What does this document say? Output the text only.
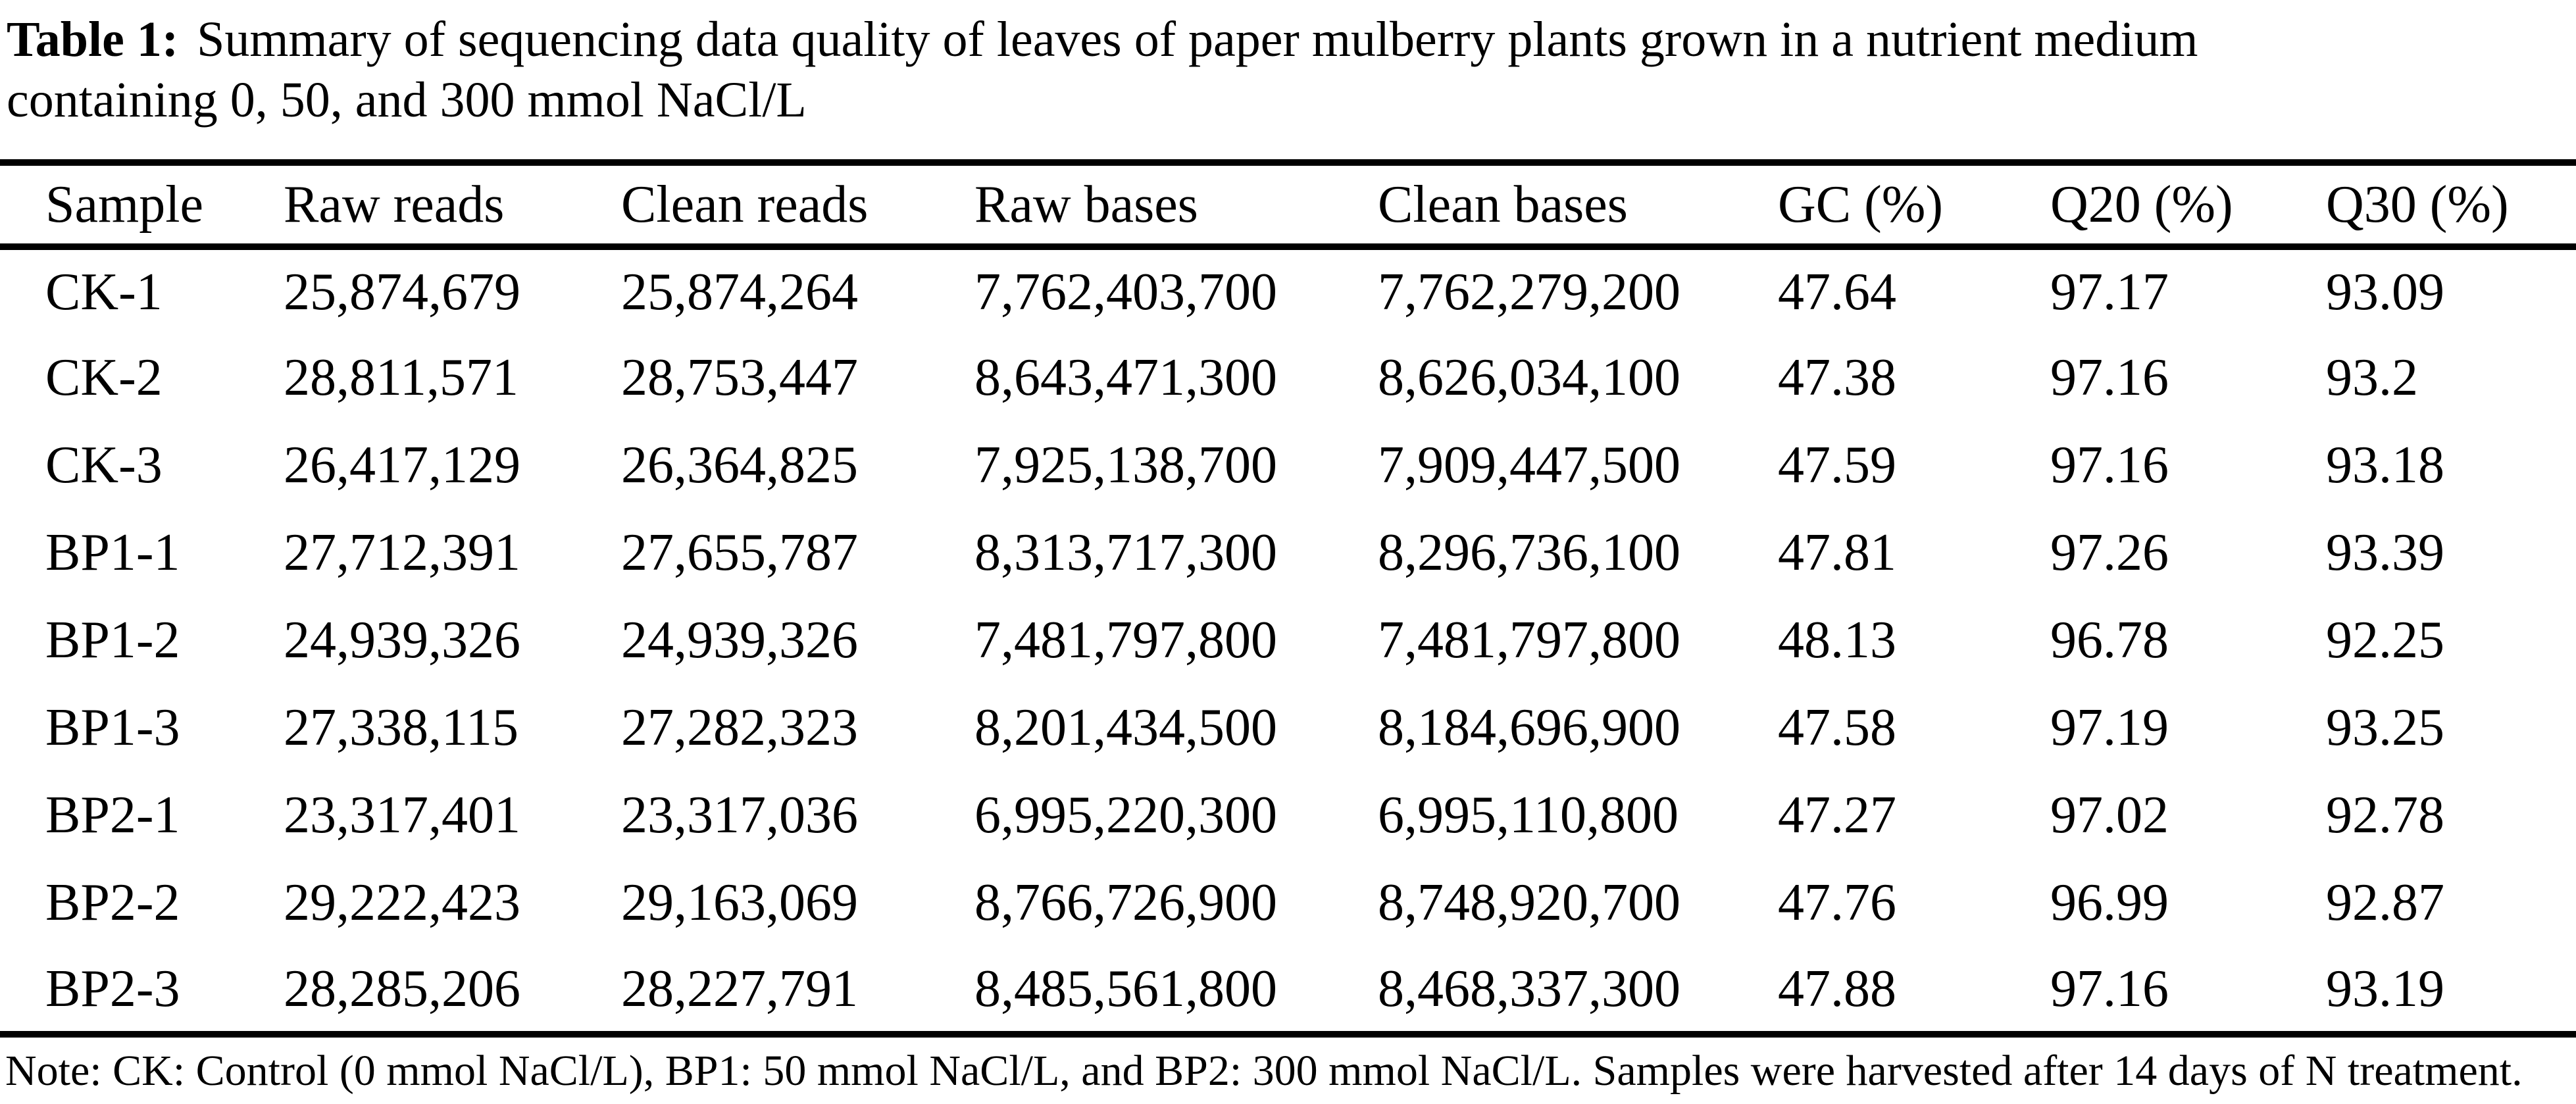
Table 1: Summary of sequencing data quality of leaves of paper mulberry plants grown in a nutrient medium
containing 0, 50, and 300 mmol NaCl/L
Sample	Raw reads	Clean reads	Raw bases	Clean bases	GC (%)	Q20 (%)	Q30 (%)
CK-1	25,874,679	25,874,264	7,762,403,700	7,762,279,200	47.64	97.17	93.09
CK-2	28,811,571	28,753,447	8,643,471,300	8,626,034,100	47.38	97.16	93.2
CK-3	26,417,129	26,364,825	7,925,138,700	7,909,447,500	47.59	97.16	93.18
BP1-1	27,712,391	27,655,787	8,313,717,300	8,296,736,100	47.81	97.26	93.39
BP1-2	24,939,326	24,939,326	7,481,797,800	7,481,797,800	48.13	96.78	92.25
BP1-3	27,338,115	27,282,323	8,201,434,500	8,184,696,900	47.58	97.19	93.25
BP2-1	23,317,401	23,317,036	6,995,220,300	6,995,110,800	47.27	97.02	92.78
BP2-2	29,222,423	29,163,069	8,766,726,900	8,748,920,700	47.76	96.99	92.87
BP2-3	28,285,206	28,227,791	8,485,561,800	8,468,337,300	47.88	97.16	93.19
Note: CK: Control (0 mmol NaCl/L), BP1: 50 mmol NaCl/L, and BP2: 300 mmol NaCl/L. Samples were harvested after 14 days of N treatment.
